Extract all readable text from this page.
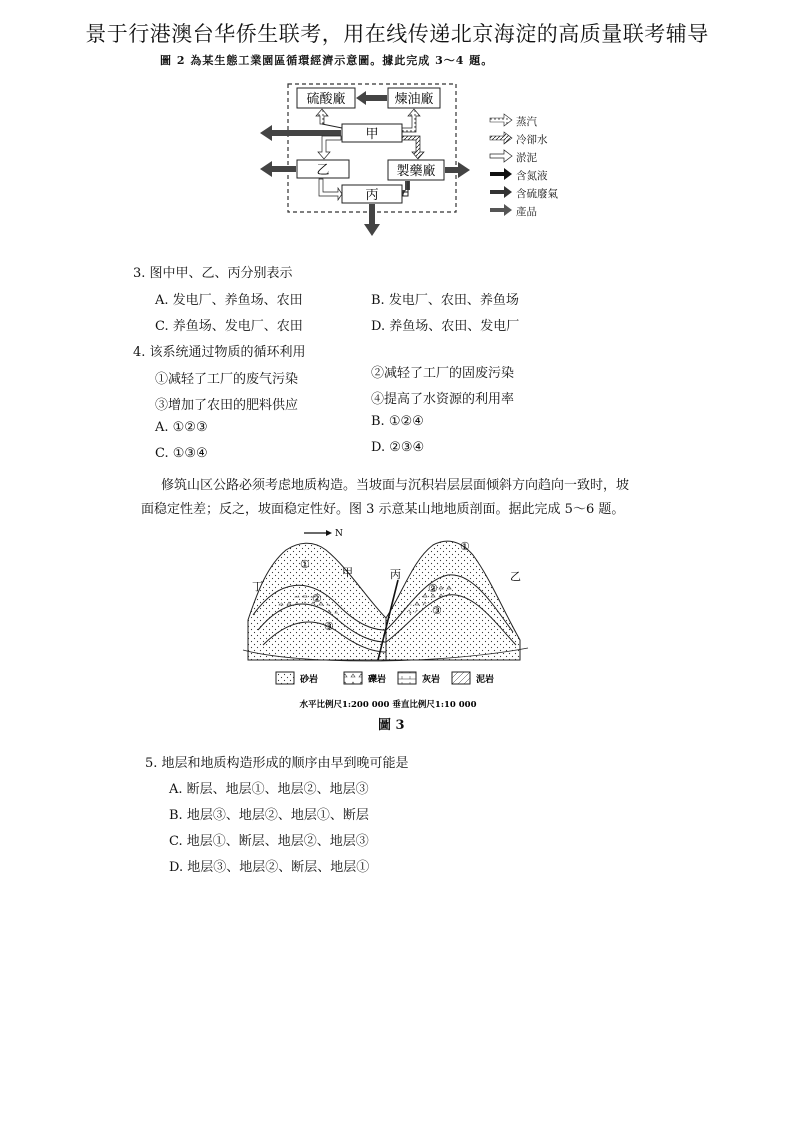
景于行港澳台华侨生联考，用在线传递北京海淀的高质量联考辅导
圖 2 為某生態工業園區循環經濟示意圖。據此完成 3～4 題。
硫酸廠	煉油廠
甲
乙	製藥廠
丙
蒸汽
冷卻水
淤泥
含氮液
含硫廢氣
產品
3. 图中甲、乙、丙分别表示
A. 发电厂、养鱼场、农田	B. 发电厂、农田、养鱼场
C. 养鱼场、发电厂、农田	D. 养鱼场、农田、发电厂
4. 该系统通过物质的循环利用
①减轻了工厂的废气污染	②减轻了工厂的固废污染
③增加了农田的肥料供应	④提高了水资源的利用率
A. ①②③	B. ①②④
C. ①③④	D. ②③④
修筑山区公路必须考虑地质构造。当坡面与沉积岩层层面倾斜方向趋向一致时，坡
面稳定性差；反之，坡面稳定性好。图 3 示意某山地地质剖面。据此完成 5～6 题。
N
丁
甲	丙	乙
①
②
③
①
②
③
砂岩	礫岩	灰岩	泥岩
水平比例尺1:200 000 垂直比例尺1:10 000
圖 3
5. 地层和地质构造形成的顺序由早到晚可能是
A. 断层、地层①、地层②、地层③
B. 地层③、地层②、地层①、断层
C. 地层①、断层、地层②、地层③
D. 地层③、地层②、断层、地层①
